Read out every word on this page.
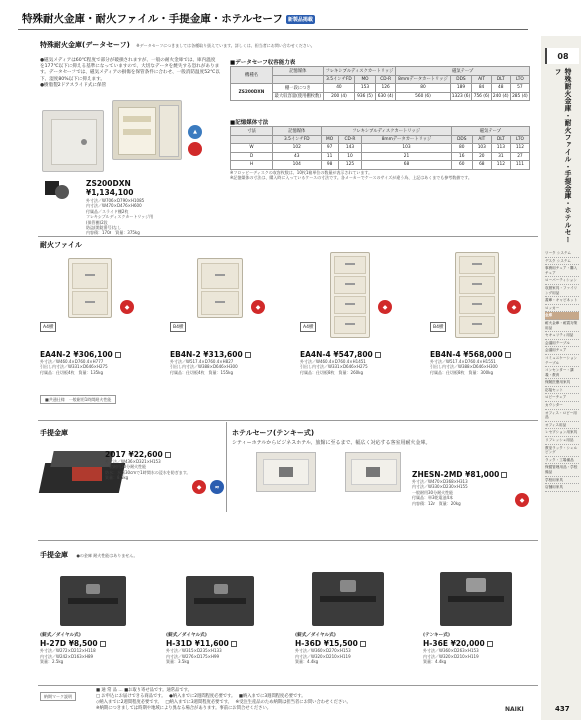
特殊耐火金庫・耐火ファイル・手提金庫・ホテルセーフ 新製品掲載
特殊耐火金庫(データセーフ) ※データセーフにつきましては各種取り扱えています。詳しくは、担当者にお問い合わせください。
●磁気メディアは60℃程度で部分が破損されますが、一般の耐火金庫では、庫内温度を177℃以下に抑える基準になっていますので、大切なデータを焼失する恐れがあります。データセーフでは、磁気メディアの損傷を保管条件に合わせ、一般消防温度52℃以下、湿度80%以下に抑えます。
●樹脂製2ドアスライド式に保管
▲
ZS200DXN
¥1,134,100
外寸法／W706×D790×H1085
内寸法／W470×D476×H600
付属品／スライド棚2枚
フレキシブルディスクカートリッジ用
(保管棚)2段
防盗(開錠番号)なし
内容積：170ℓ　質量：375kg
■データセーフ収容能力表
機種名	記憶媒体	フレキシブルディスクカートリッジ			磁気テープ				
		3.5インチFD	MO	CD-R	8mmデータカートリッジ	DDS	AIT	DLT	LTO
ZS200DXN	棚一段につき	40	153	126	80	189	84	48	57
	最大収容量(使用棚枚数)	200 (4)	936 (5)	630 (4)	560 (6)	1323 (6)	756 (6)	240 (4)	285 (4)
■記憶媒体寸法
寸法	記憶媒体	フレキシブルディスクカートリッジ			磁気テープ			
	3.5インチFD	MO	CD-R	8mmデータカートリッジ	DDS	AIT	DLT	LTO
W	102	97	143	103	80	103	113	112
D	43	11	10	21	16	20	31	27
H	104	98	125	68	60	68	112	111
※フロッピーディスクの収容枚数は、10枚1箱単位の数量が表示されています。
※記憶媒体の寸法は、購入時に入っているケースの寸法です。各メーカーでケースのサイズが違う為、上記はあくまでも参考数値です。
耐火ファイル
A4横	B4横	A4横	B4横
◆	◆	◆	◆
EA4N-2 ¥306,100
外寸法／W460.4×D760.4×H777
引出し内寸法／W331×D646×H275
付属品：仕切板4枚　質量：135kg
EB4N-2 ¥313,600
外寸法／W517.4×D760.4×H827
引出し内寸法／W388×D646×H300
付属品：仕切板4枚　質量：155kg
EA4N-4 ¥547,800
外寸法／W460.4×D760.4×H1451
引出し内寸法／W331×D646×H275
付属品：仕切板8枚　質量：260kg
EB4N-4 ¥568,000
外寸法／W517.4×D760.4×H1551
引出し内寸法／W388×D646×H300
付属品：仕切板8枚　質量：300kg
■共通仕様　一般耐用1時間耐火性能
手提金庫
2017 ¥22,600
外寸法／W436×D321×H153
一般耐用30分耐火性能
防水：水深30cmで1時間水の浸水を防ぎます。
質量：8.5kg
◆	≈
ホテルセーフ(テンキー式)
シティーホテルからビジネスホテル、旅館に至るまで、幅広く対応する客室用耐火金庫。
ZHESN-2MD ¥81,000
外寸法／W470×D368×H313
内寸法／W330×D230×H155
一般耐用30分耐火性能
付属品：単3乾電池4本
内容積：12ℓ　質量：20kg	◆
手提金庫 ●の金庫 耐火性能はありません。
(錠式／ダイヤル式)
H-27D ¥8,500
外寸法／W272×D212×H118
内寸法／W242×D163×H89
質量：2.5kg
(錠式／ダイヤル式)
H-31D ¥11,600
外寸法／W315×D235×H133
内寸法／W276×D175×H99
質量：3.5kg
(錠式／ダイヤル式)
H-36D ¥15,500
外寸法／W360×D270×H153
内寸法／W320×D210×H119
質量：4.4kg
(テンキー式)
H-36E ¥20,000
外寸法／W360×D263×H153
内寸法／W320×D210×H119
質量：4.4kg
納期マーク説明
■ 通 常 品 … ■お取り寄せ品です。通常品です。
□ お申込にお届けできる商品です。　 ●納入までに2週間程度必要です。　 ■納入までに3週間程度必要です。
◇納入までに2週間程度必要です。　 □納入までに3週間程度必要です。　 ※受注生産品のため納期は担当者にお問い合わせください。
※納期につきましては時期や地域により異なる場合があります。事前にお問合せください。
08
特殊耐火金庫・耐火ファイル・手提金庫・ホテルセーフ
ワーク システム
デスク システム
事務用チェア・購入チェア
ローパーティション
収納家具・ファイリング用品
書庫・キャビネット
ロッカー
金庫
耐火金庫・耐震対策用品
セキュリティ用品
会議用テーブル
会議用チェア
コミュニケーションテーブル
コンセンター・講義・教育
保険医療用家具
応接セット
ロビーチェア
カウンター
オフィス・ロビー用品
オフィス用品
レセプション用家具
リフレッシュ用品
教室ラック・シェルビング
ラック・工場備品
保健管理用品・学校備品
学校用家具
店舗用家具
NAIKI	437
